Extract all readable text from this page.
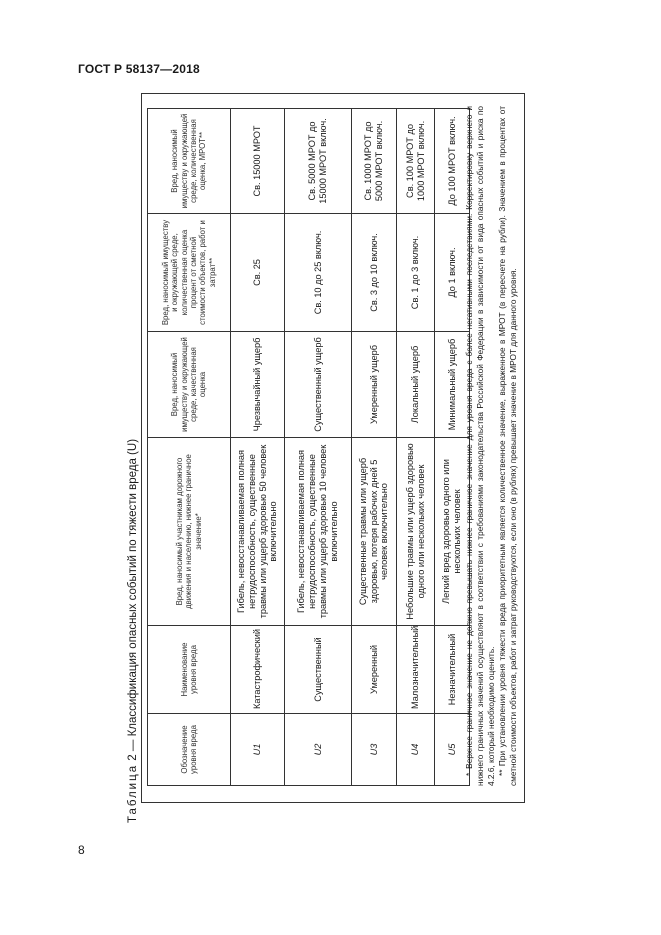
ГОСТ Р 58137—2018
8
Таблица 2 — Классификация опасных событий по тяжести вреда (U)	Обозначение уровня вреда	Наименование уровня вреда	Вред, наносимый участникам дорожного движения и населению, нижнее граничное значение*	Вред, наносимый имуществу и окружающей среде, качественная оценка	Вред, наносимый имуществу и окружающей среде, количественная оценка процент от сметной стоимости объектов, работ и затрат**	Вред, наносимый имуществу и окружающей среде, количественная оценка, МРОТ**
U1	Катастрофический	Гибель, невосстанавливаемая полная нетрудоспособность, существенные травмы или ущерб здоровью 50 человек включительно	Чрезвычайный ущерб	Св. 25	Св. 15000 МРОТ
U2	Существенный	Гибель, невосстанавливаемая полная нетрудоспособность, существенные травмы или ущерб здоровью 10 человек включительно	Существенный ущерб	Св. 10 до 25 включ.	Св. 5000 МРОТ до 15000 МРОТ включ.
U3	Умеренный	Существенные травмы или ущерб здоровью, потеря рабочих дней 5 человек включительно	Умеренный ущерб	Св. 3 до 10 включ.	Св. 1000 МРОТ до 5000 МРОТ включ.
U4	Малозначительный	Небольшие травмы или ущерб здоровью одного или нескольких человек	Локальный ущерб	Св. 1 до 3 включ.	Св. 100 МРОТ до 1000 МРОТ включ.
U5	Незначительный	Легкий вред здоровью одного или нескольких человек	Минимальный ущерб	До 1 включ.	До 100 МРОТ включ. * Верхнее граничное значение не должно превышать нижнее граничное значение для уровня вреда с более негативными последствиями. Корректировку верхнего и нижнего граничных значений осуществляют в соответствии с требованиями законодательства Российской Федерации в зависимости от вида опасных событий и риска по 4.2.6, который необходимо оценить. ** При установлении уровня тяжести вреда приоритетным является количественное значение, выраженное в МРОТ (в пересчете на рубли). Значением в процентах от сметной стоимости объектов, работ и затрат руководствуются, если оно (в рублях) превышает значение в МРОТ для данного уровня.
